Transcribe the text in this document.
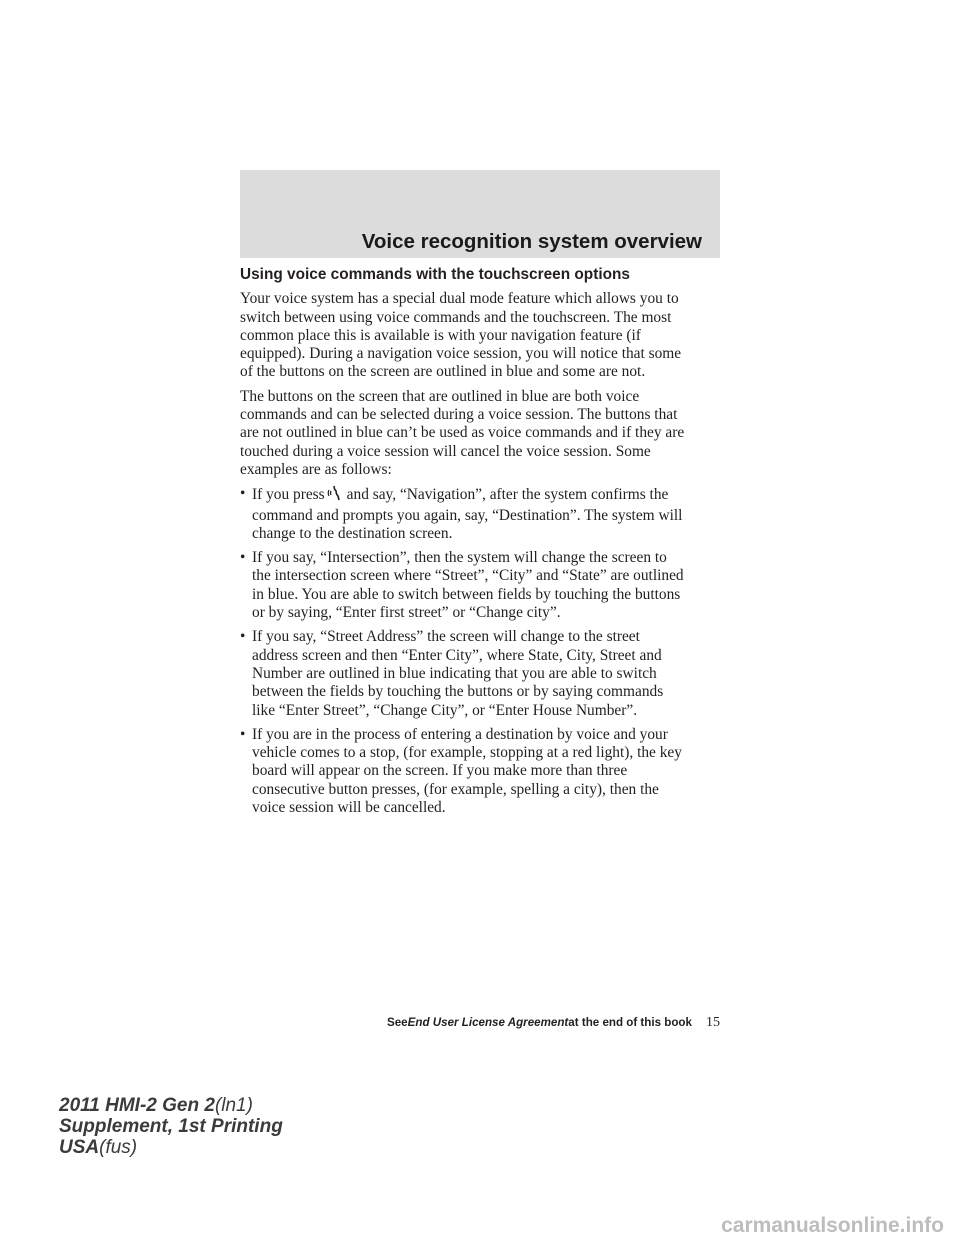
Voice recognition system overview
Using voice commands with the touchscreen options

Your voice system has a special dual mode feature which allows you to
switch between using voice commands and the touchscreen. The most
common place this is available is with your navigation feature (if
equipped). During a navigation voice session, you will notice that some
of the buttons on the screen are outlined in blue and some are not.

The buttons on the screen that are outlined in blue are both voice
commands and can be selected during a voice session. The buttons that
are not outlined in blue can’t be used as voice commands and if they are
touched during a voice session will cancel the voice session. Some
examples are as follows:

• If you press and say, “Navigation”, after the system confirms the
command and prompts you again, say, “Destination”. The system will
change to the destination screen.
• If you say, “Intersection”, then the system will change the screen to
the intersection screen where “Street”, “City” and “State” are outlined
in blue. You are able to switch between fields by touching the buttons
or by saying, “Enter first street” or “Change city”.
• If you say, “Street Address” the screen will change to the street
address screen and then “Enter City”, where State, City, Street and
Number are outlined in blue indicating that you are able to switch
between the fields by touching the buttons or by saying commands
like “Enter Street”, “Change City”, or “Enter House Number”.
• If you are in the process of entering a destination by voice and your
vehicle comes to a stop, (for example, stopping at a red light), the key
board will appear on the screen. If you make more than three
consecutive button presses, (for example, spelling a city), then the
voice session will be cancelled.
SeeEnd User License Agreementat the end of this book 15
2011 HMI-2 Gen 2(ln1)
Supplement, 1st Printing
USA(fus)
carmanualsonline.info
